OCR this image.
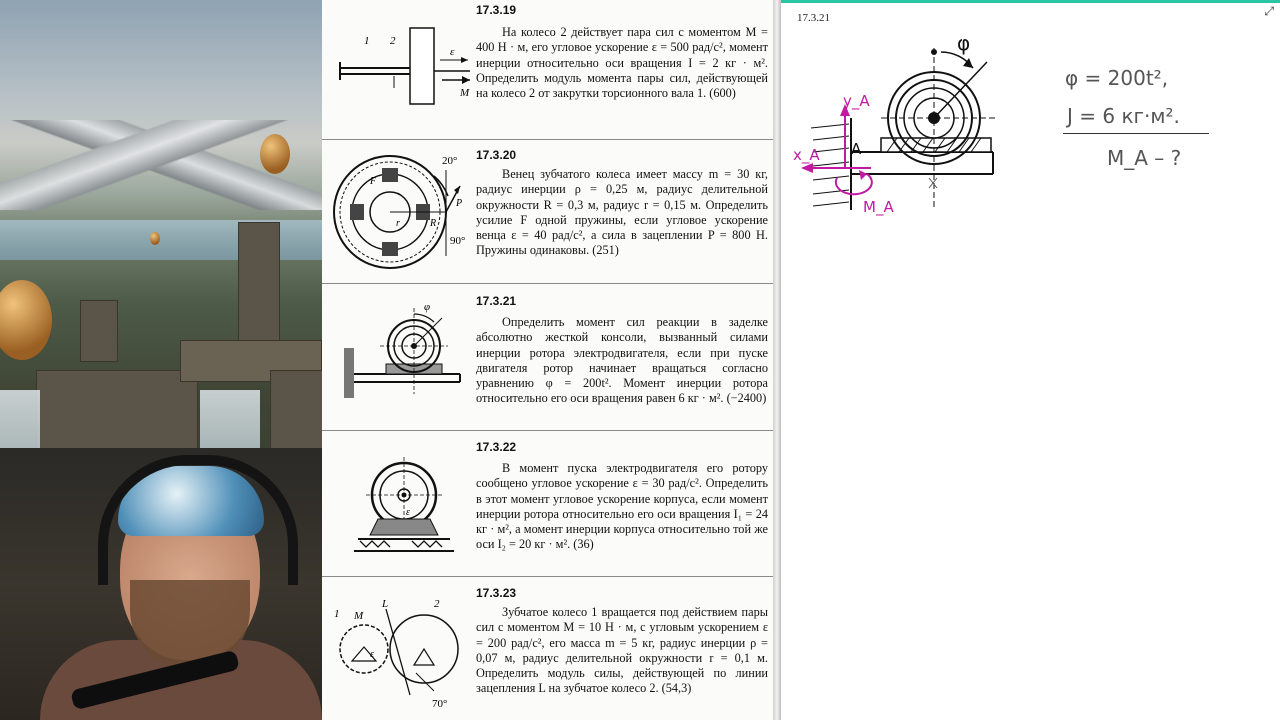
1 2
ε
M
17.3.19
На колесо 2 действует пара сил с моментом M = 400 Н · м, его угловое ускорение ε = 500 рад/с², момент инерции относительно оси вращения I = 2 кг · м². Определить модуль момента пары сил, действующей на колесо 2 от закрутки торсионного вала 1. (600)
20°
90°
F
P
R
r
17.3.20
Венец зубчатого колеса имеет массу m = 30 кг, радиус инерции ρ = 0,25 м, радиус делительной окружности R = 0,3 м, радиус r = 0,15 м. Определить усилие F одной пружины, если угловое ускорение венца ε = 40 рад/с², а сила в зацеплении P = 800 Н. Пружины одинаковы. (251)
φ	17.3.21
Определить момент сил реакции в заделке абсолютно жесткой консоли, вызванный силами инерции ротора электродвигателя, если при пуске двигателя ротор начинает вращаться согласно уравнению φ = 200t². Момент инерции ротора относительно его оси вращения равен 6 кг · м². (−2400)
ε
17.3.22
В момент пуска электродвигателя его ротору сообщено угловое ускорение ε = 30 рад/с². Определить в этот момент угловое ускорение корпуса, если момент инерции ротора относительно его оси вращения I₁ = 24 кг · м², а момент инерции корпуса относительно той же оси I₂ = 20 кг · м². (36)
1 M
L	2
ε
70°
17.3.23
Зубчатое колесо 1 вращается под действием пары сил с моментом M = 10 Н · м, с угловым ускорением ε = 200 рад/с², его масса m = 5 кг, радиус инерции ρ = 0,07 м, радиус делительной окружности r = 0,1 м. Определить модуль силы, действующей по линии зацепления L на зубчатое колесо 2. (54,3)
17.3.21	⤢
φ
y_A
x_A A
M_A
φ = 200t²,
J = 6 кг·м².
M_A – ?
